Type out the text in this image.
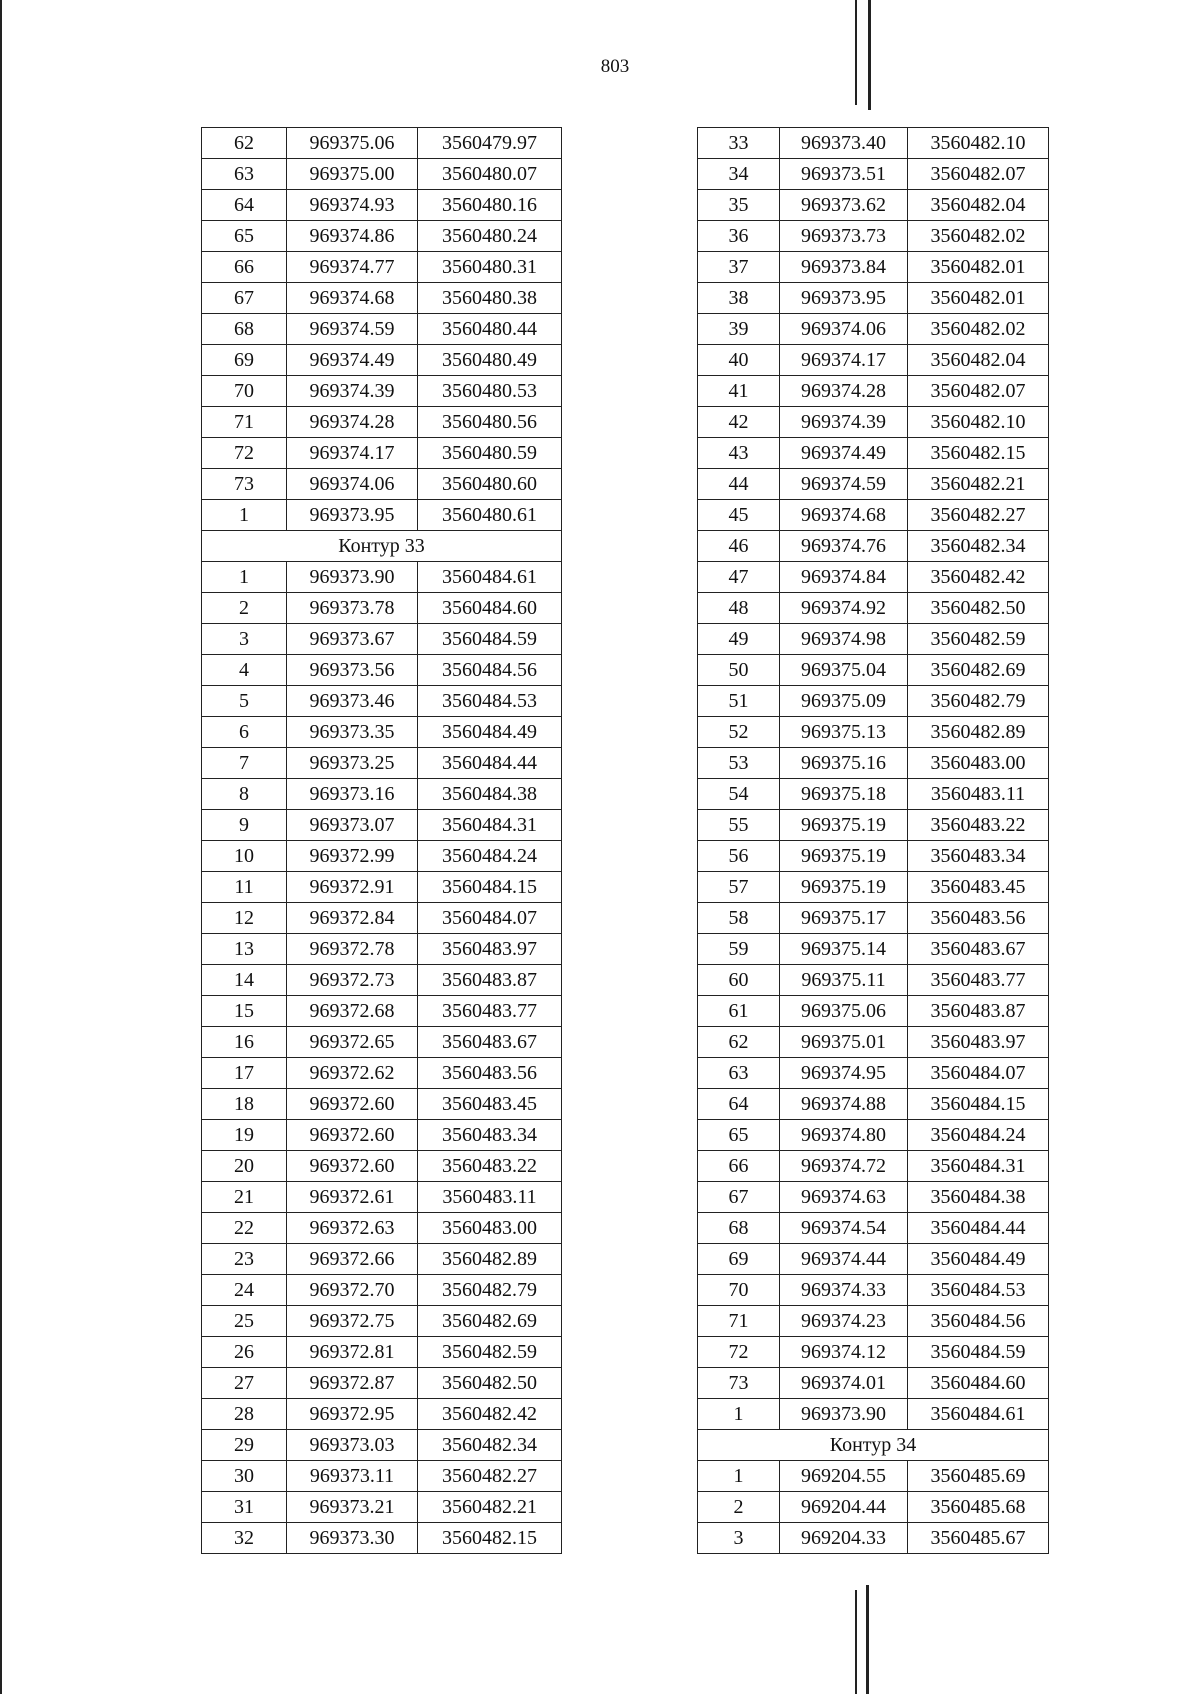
803
62	969375.06	3560479.97
63	969375.00	3560480.07
64	969374.93	3560480.16
65	969374.86	3560480.24
66	969374.77	3560480.31
67	969374.68	3560480.38
68	969374.59	3560480.44
69	969374.49	3560480.49
70	969374.39	3560480.53
71	969374.28	3560480.56
72	969374.17	3560480.59
73	969374.06	3560480.60
1	969373.95	3560480.61
Контур 33		
1	969373.90	3560484.61
2	969373.78	3560484.60
3	969373.67	3560484.59
4	969373.56	3560484.56
5	969373.46	3560484.53
6	969373.35	3560484.49
7	969373.25	3560484.44
8	969373.16	3560484.38
9	969373.07	3560484.31
10	969372.99	3560484.24
11	969372.91	3560484.15
12	969372.84	3560484.07
13	969372.78	3560483.97
14	969372.73	3560483.87
15	969372.68	3560483.77
16	969372.65	3560483.67
17	969372.62	3560483.56
18	969372.60	3560483.45
19	969372.60	3560483.34
20	969372.60	3560483.22
21	969372.61	3560483.11
22	969372.63	3560483.00
23	969372.66	3560482.89
24	969372.70	3560482.79
25	969372.75	3560482.69
26	969372.81	3560482.59
27	969372.87	3560482.50
28	969372.95	3560482.42
29	969373.03	3560482.34
30	969373.11	3560482.27
31	969373.21	3560482.21
32	969373.30	3560482.15
33	969373.40	3560482.10
34	969373.51	3560482.07
35	969373.62	3560482.04
36	969373.73	3560482.02
37	969373.84	3560482.01
38	969373.95	3560482.01
39	969374.06	3560482.02
40	969374.17	3560482.04
41	969374.28	3560482.07
42	969374.39	3560482.10
43	969374.49	3560482.15
44	969374.59	3560482.21
45	969374.68	3560482.27
46	969374.76	3560482.34
47	969374.84	3560482.42
48	969374.92	3560482.50
49	969374.98	3560482.59
50	969375.04	3560482.69
51	969375.09	3560482.79
52	969375.13	3560482.89
53	969375.16	3560483.00
54	969375.18	3560483.11
55	969375.19	3560483.22
56	969375.19	3560483.34
57	969375.19	3560483.45
58	969375.17	3560483.56
59	969375.14	3560483.67
60	969375.11	3560483.77
61	969375.06	3560483.87
62	969375.01	3560483.97
63	969374.95	3560484.07
64	969374.88	3560484.15
65	969374.80	3560484.24
66	969374.72	3560484.31
67	969374.63	3560484.38
68	969374.54	3560484.44
69	969374.44	3560484.49
70	969374.33	3560484.53
71	969374.23	3560484.56
72	969374.12	3560484.59
73	969374.01	3560484.60
1	969373.90	3560484.61
Контур 34		
1	969204.55	3560485.69
2	969204.44	3560485.68
3	969204.33	3560485.67
